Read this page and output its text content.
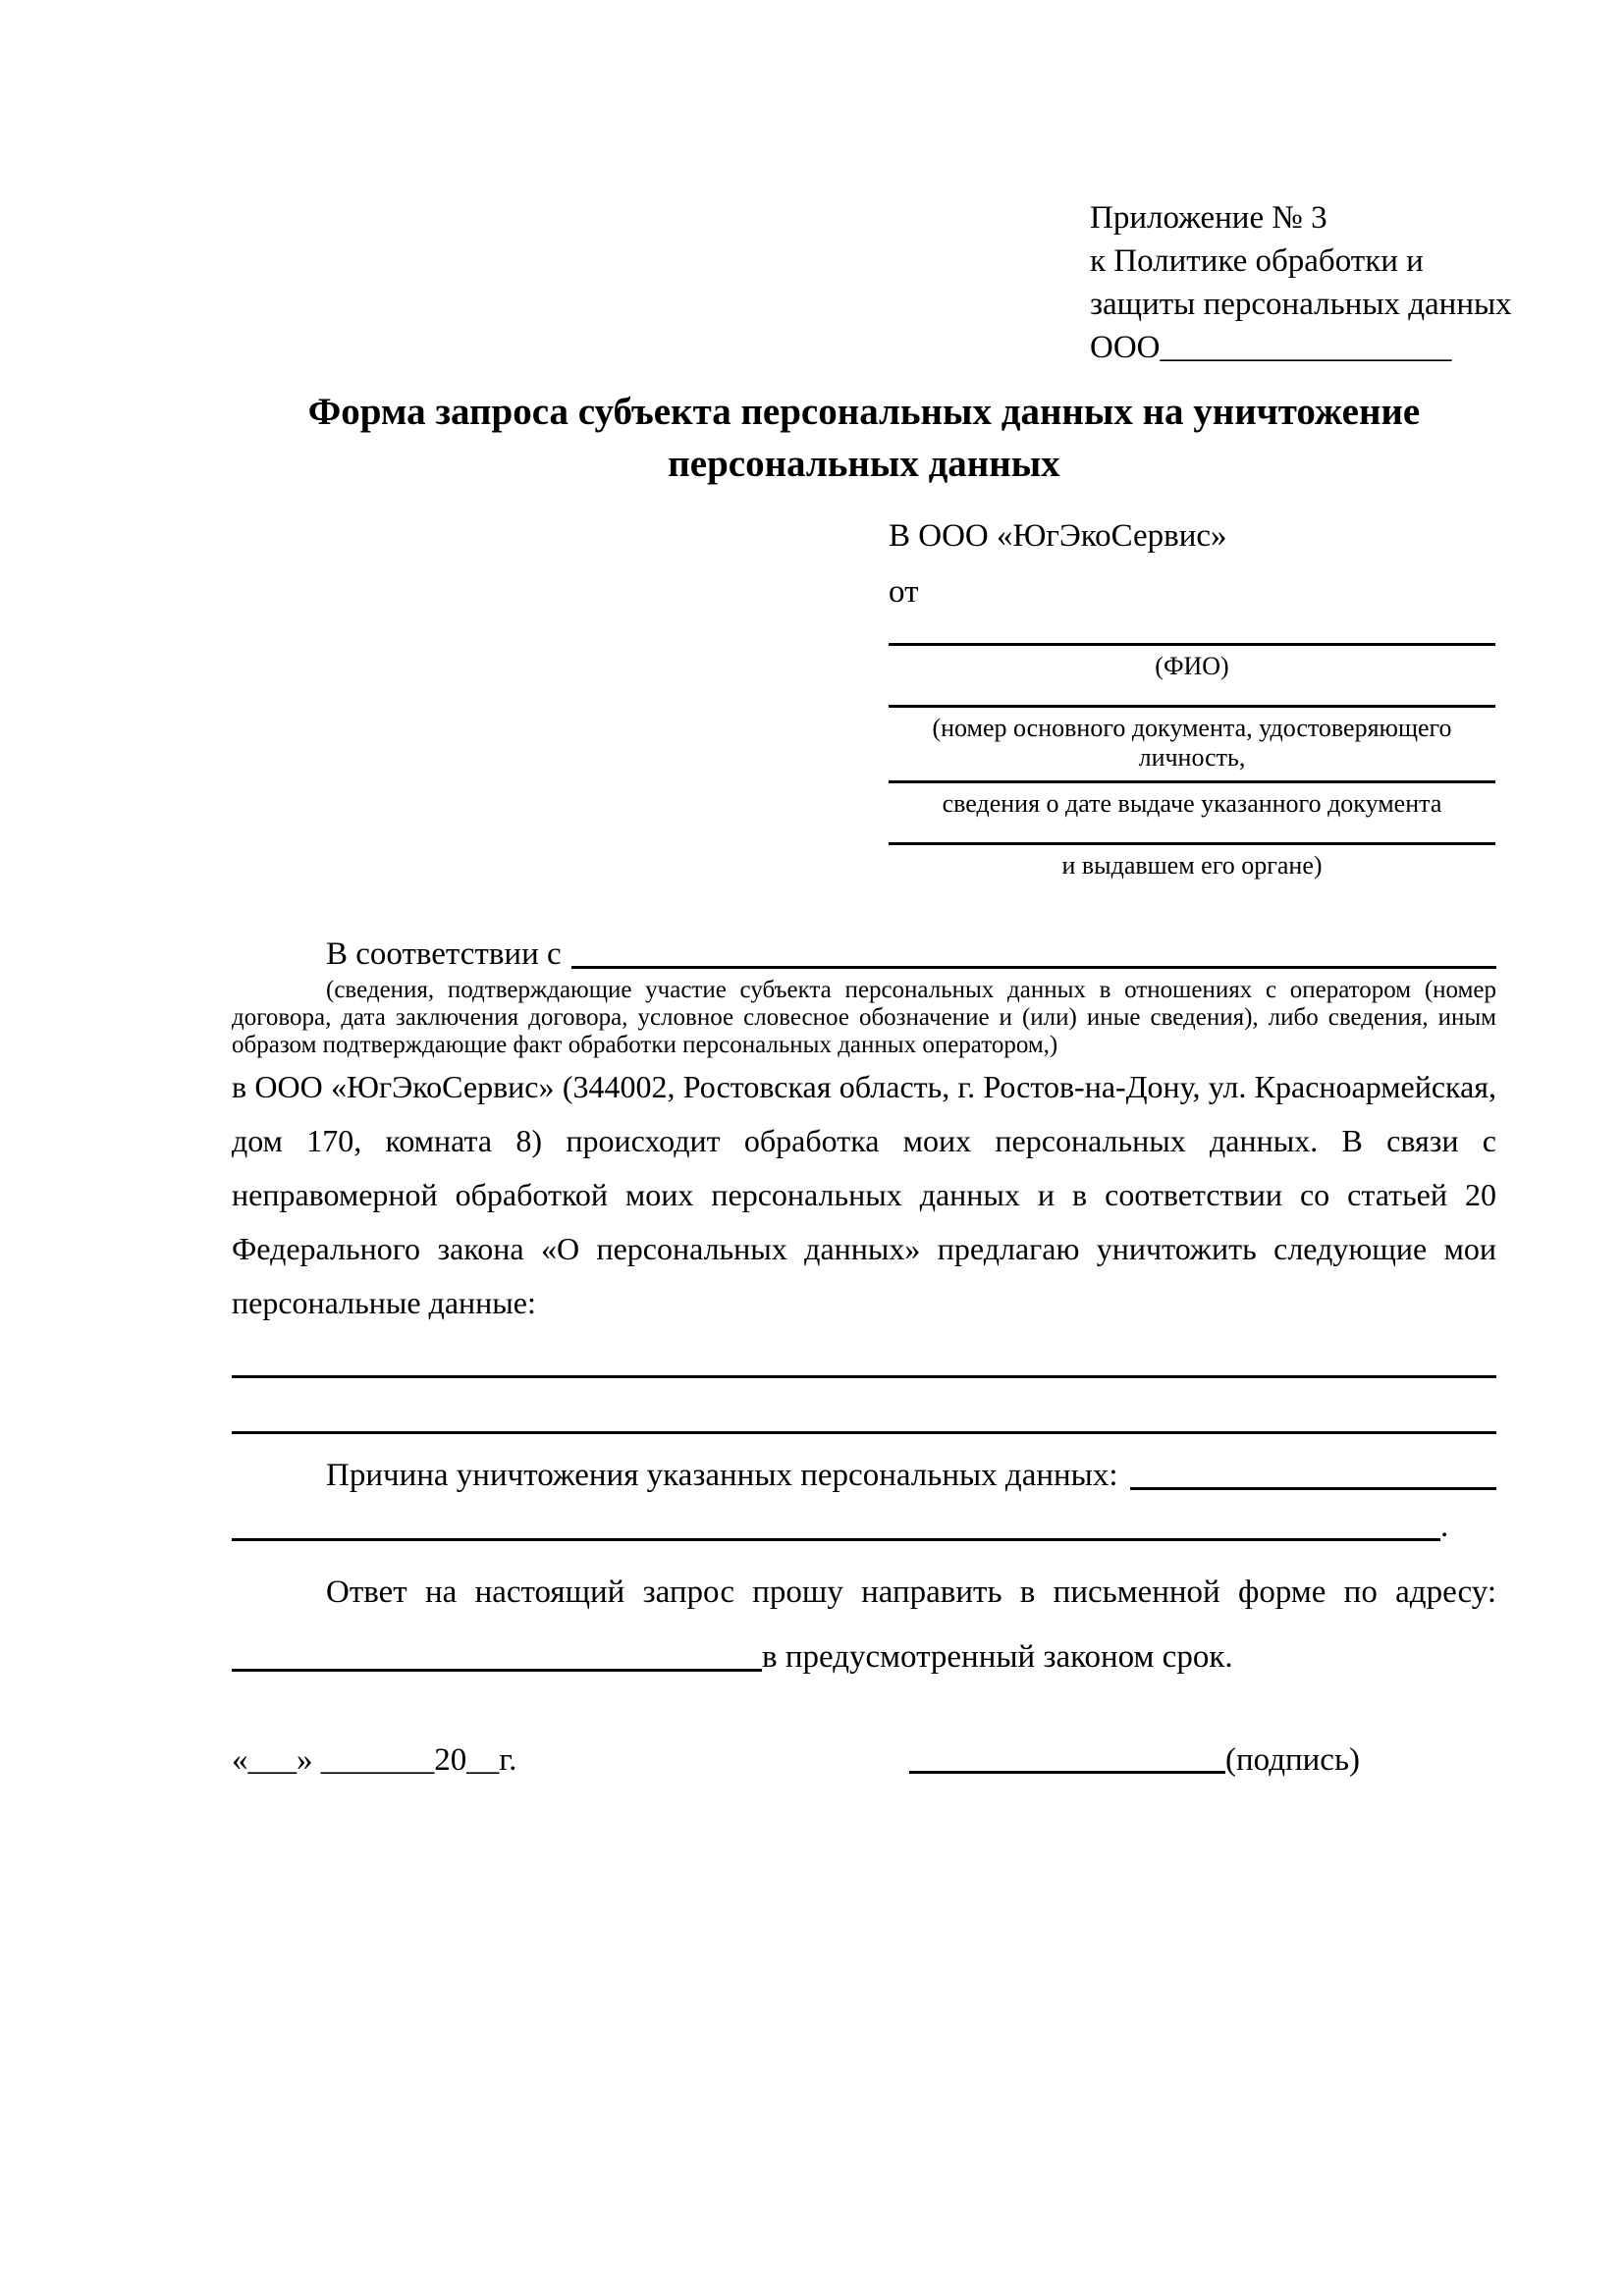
Приложение № 3
к Политике обработки и
защиты персональных данных
ООО__________________
Форма запроса субъекта персональных данных на уничтожение персональных данных
В ООО «ЮгЭкоСервис»
от
(ФИО)
(номер основного документа, удостоверяющего личность,
сведения о дате выдаче указанного документа
и выдавшем его органе)
В соответствии с
(сведения, подтверждающие участие субъекта персональных данных в отношениях с оператором (номер договора, дата заключения договора, условное словесное обозначение и (или) иные сведения), либо сведения, иным образом подтверждающие факт обработки персональных данных оператором,)
в ООО «ЮгЭкоСервис» (344002, Ростовская область, г. Ростов-на-Дону, ул. Красноармейская, дом 170, комната 8) происходит обработка моих персональных данных. В связи с неправомерной обработкой моих персональных данных и в соответствии со статьей 20 Федерального закона «О персональных данных» предлагаю уничтожить следующие мои персональные данные:
Причина уничтожения указанных персональных данных:
.
Ответ на настоящий запрос прошу направить в письменной форме по адресу:
в предусмотренный законом срок.
«___» _______20__г.	(подпись)
